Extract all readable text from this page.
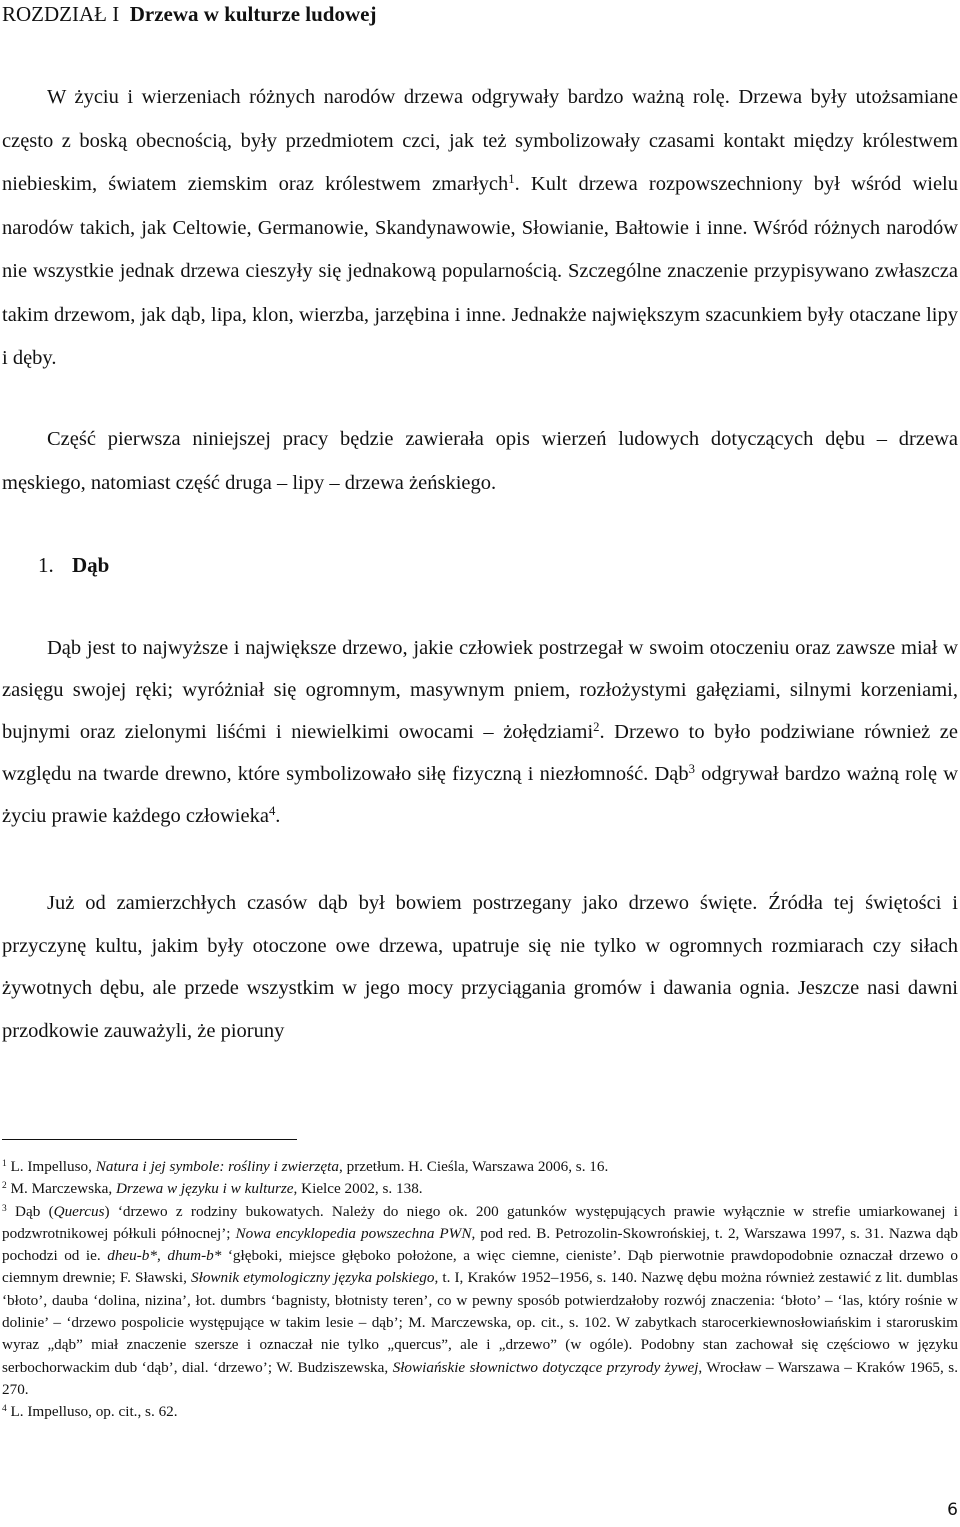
ROZDZIAŁ I Drzewa w kulturze ludowej

W życiu i wierzeniach różnych narodów drzewa odgrywały bardzo ważną rolę. Drzewa były utożsamiane często z boską obecnością, były przedmiotem czci, jak też symbolizowały czasami kontakt między królestwem niebieskim, światem ziemskim oraz królestwem zmarłych$^1$. Kult drzewa rozpowszechniony był wśród wielu narodów takich, jak Celtowie, Germanowie, Skandynawowie, Słowianie, Bałtowie i inne. Wśród różnych narodów nie wszystkie jednak drzewa cieszyły się jednakową popularnością. Szczególne znaczenie przypisywano zwłaszcza takim drzewom, jak dąb, lipa, klon, wierzba, jarzębina i inne. Jednakże największym szacunkiem były otaczane lipy i dęby.

Część pierwsza niniejszej pracy będzie zawierała opis wierzeń ludowych dotyczących dębu – drzewa męskiego, natomiast część druga – lipy – drzewa żeńskiego.

1. Dąb

Dąb jest to najwyższe i największe drzewo, jakie człowiek postrzegał w swoim otoczeniu oraz zawsze miał w zasięgu swojej ręki; wyróżniał się ogromnym, masywnym pniem, rozłożystymi gałęziami, silnymi korzeniami, bujnymi oraz zielonymi liśćmi i niewielkimi owocami – żołędziami$^2$. Drzewo to było podziwiane również ze względu na twarde drewno, które symbolizowało siłę fizyczną i niezłomność. Dąb$^3$ odgrywał bardzo ważną rolę w życiu prawie każdego człowieka$^4$.

Już od zamierzchłych czasów dąb był bowiem postrzegany jako drzewo święte. Źródła tej świętości i przyczynę kultu, jakim były otoczone owe drzewa, upatruje się nie tylko w ogromnych rozmiarach czy siłach żywotnych dębu, ale przede wszystkim w jego mocy przyciągania gromów i dawania ognia. Jeszcze nasi dawni przodkowie zauważyli, że pioruny

$^1$ L. Impelluso, Natura i jej symbole: rośliny i zwierzęta, przetłum. H. Cieśla, Warszawa 2006, s. 16.

$^2$ M. Marczewska, Drzewa w języku i w kulturze, Kielce 2002, s. 138.

$^3$ Dąb (Quercus) ‘drzewo z rodziny bukowatych. Należy do niego ok. 200 gatunków występujących prawie wyłącznie w strefie umiarkowanej i podzwrotnikowej półkuli północnej’; Nowa encyklopedia powszechna PWN, pod red. B. Petrozolin-Skowrońskiej, t. 2, Warszawa 1997, s. 31. Nazwa dąb pochodzi od ie. dheu-b*, dhum-b* ‘głęboki, miejsce głęboko położone, a więc ciemne, cieniste’. Dąb pierwotnie prawdopodobnie oznaczał drzewo o ciemnym drewnie; F. Sławski, Słownik etymologiczny języka polskiego, t. I, Kraków 1952–1956, s. 140. Nazwę dębu można również zestawić z lit. dumblas ‘błoto’, dauba ‘dolina, nizina’, łot. dumbrs ‘bagnisty, błotnisty teren’, co w pewny sposób potwierdzałoby rozwój znaczenia: ‘błoto’ – ‘las, który rośnie w dolinie’ – ‘drzewo pospolicie występujące w takim lesie – dąb’; M. Marczewska, op. cit., s. 102. W zabytkach starocerkiewnosłowiańskim i staroruskim wyraz „dąb” miał znaczenie szersze i oznaczał nie tylko „quercus”, ale i „drzewo” (w ogóle). Podobny stan zachował się częściowo w języku serbochorwackim dub ‘dąb’, dial. ‘drzewo’; W. Budziszewska, Słowiańskie słownictwo dotyczące przyrody żywej, Wrocław – Warszawa – Kraków 1965, s. 270.

$^4$ L. Impelluso, op. cit., s. 62.

6
